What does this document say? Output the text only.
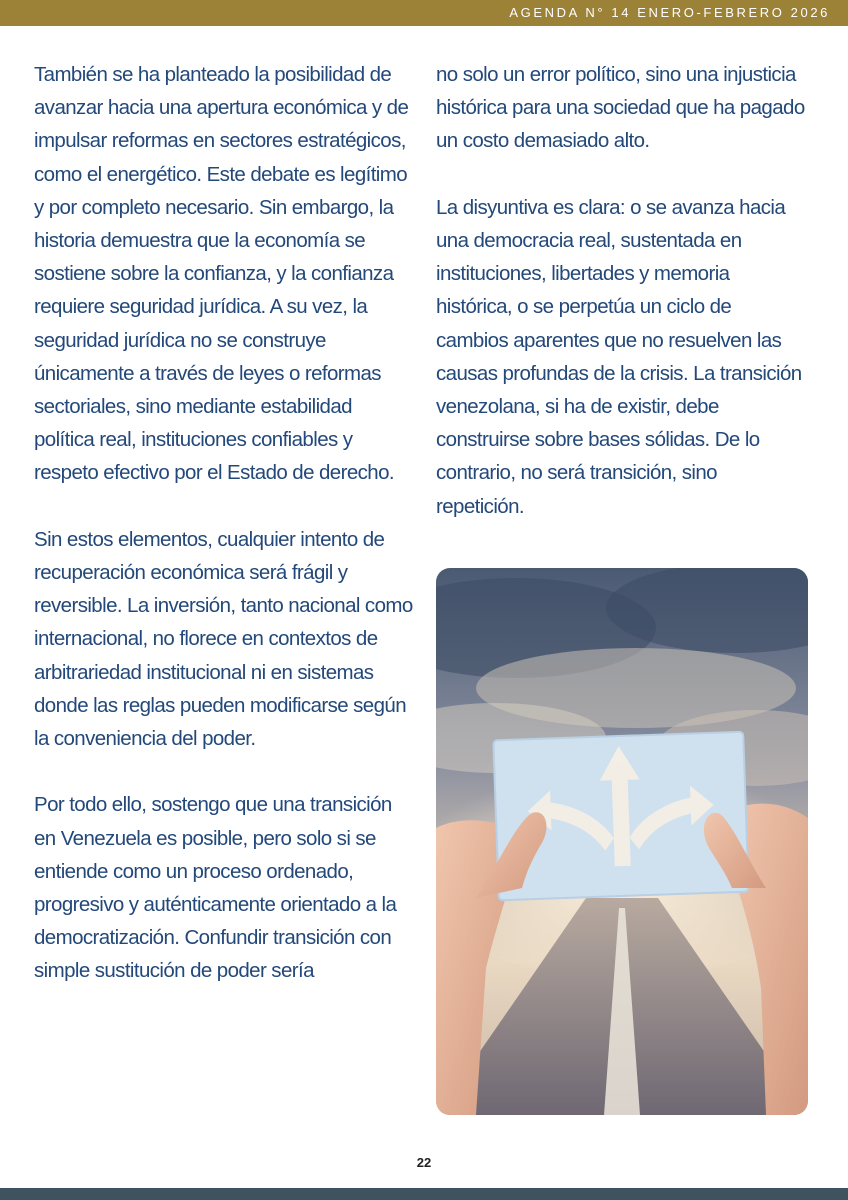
AGENDA N° 14 ENERO-FEBRERO 2026

También se ha planteado la posibilidad de avanzar hacia una apertura económica y de impulsar reformas en sectores estratégicos, como el energético. Este debate es legítimo y por completo necesario. Sin embargo, la historia demuestra que la economía se sostiene sobre la confianza, y la confianza requiere seguridad jurídica. A su vez, la seguridad jurídica no se construye únicamente a través de leyes o reformas sectoriales, sino mediante estabilidad política real, instituciones confiables y respeto efectivo por el Estado de derecho.

Sin estos elementos, cualquier intento de recuperación económica será frágil y reversible. La inversión, tanto nacional como internacional, no florece en contextos de arbitrariedad institucional ni en sistemas donde las reglas pueden modificarse según la conveniencia del poder.

Por todo ello, sostengo que una transición en Venezuela es posible, pero solo si se entiende como un proceso ordenado, progresivo y auténticamente orientado a la democratización. Confundir transición con simple sustitución de poder sería

no solo un error político, sino una injusticia histórica para una sociedad que ha pagado un costo demasiado alto.

La disyuntiva es clara: o se avanza hacia una democracia real, sustentada en instituciones, libertades y memoria histórica, o se perpetúa un ciclo de cambios aparentes que no resuelven las causas profundas de la crisis. La transición venezolana, si ha de existir, debe construirse sobre bases sólidas. De lo contrario, no será transición, sino repetición.

22
